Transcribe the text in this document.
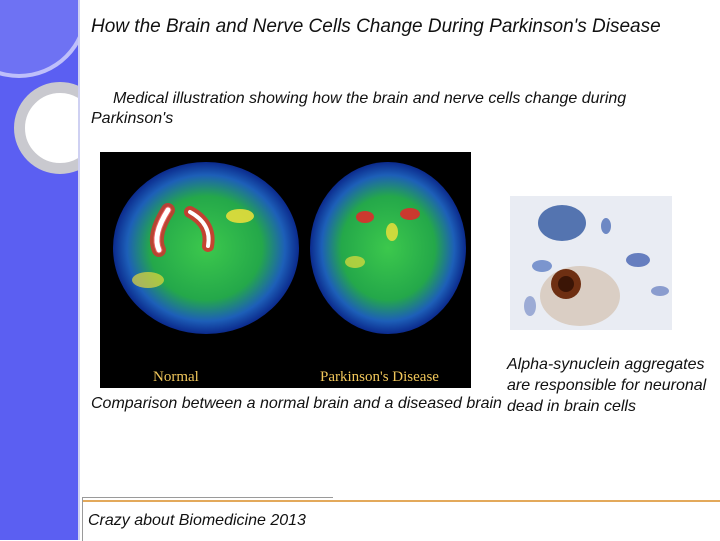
How the Brain and Nerve Cells Change During Parkinson's Disease

Medical illustration showing how the brain and nerve cells change during Parkinson's

Normal	Parkinson's Disease

Comparison between a normal brain and a diseased brain

Alpha-synuclein aggregates are responsible for neuronal dead in brain cells

Crazy about Biomedicine 2013
